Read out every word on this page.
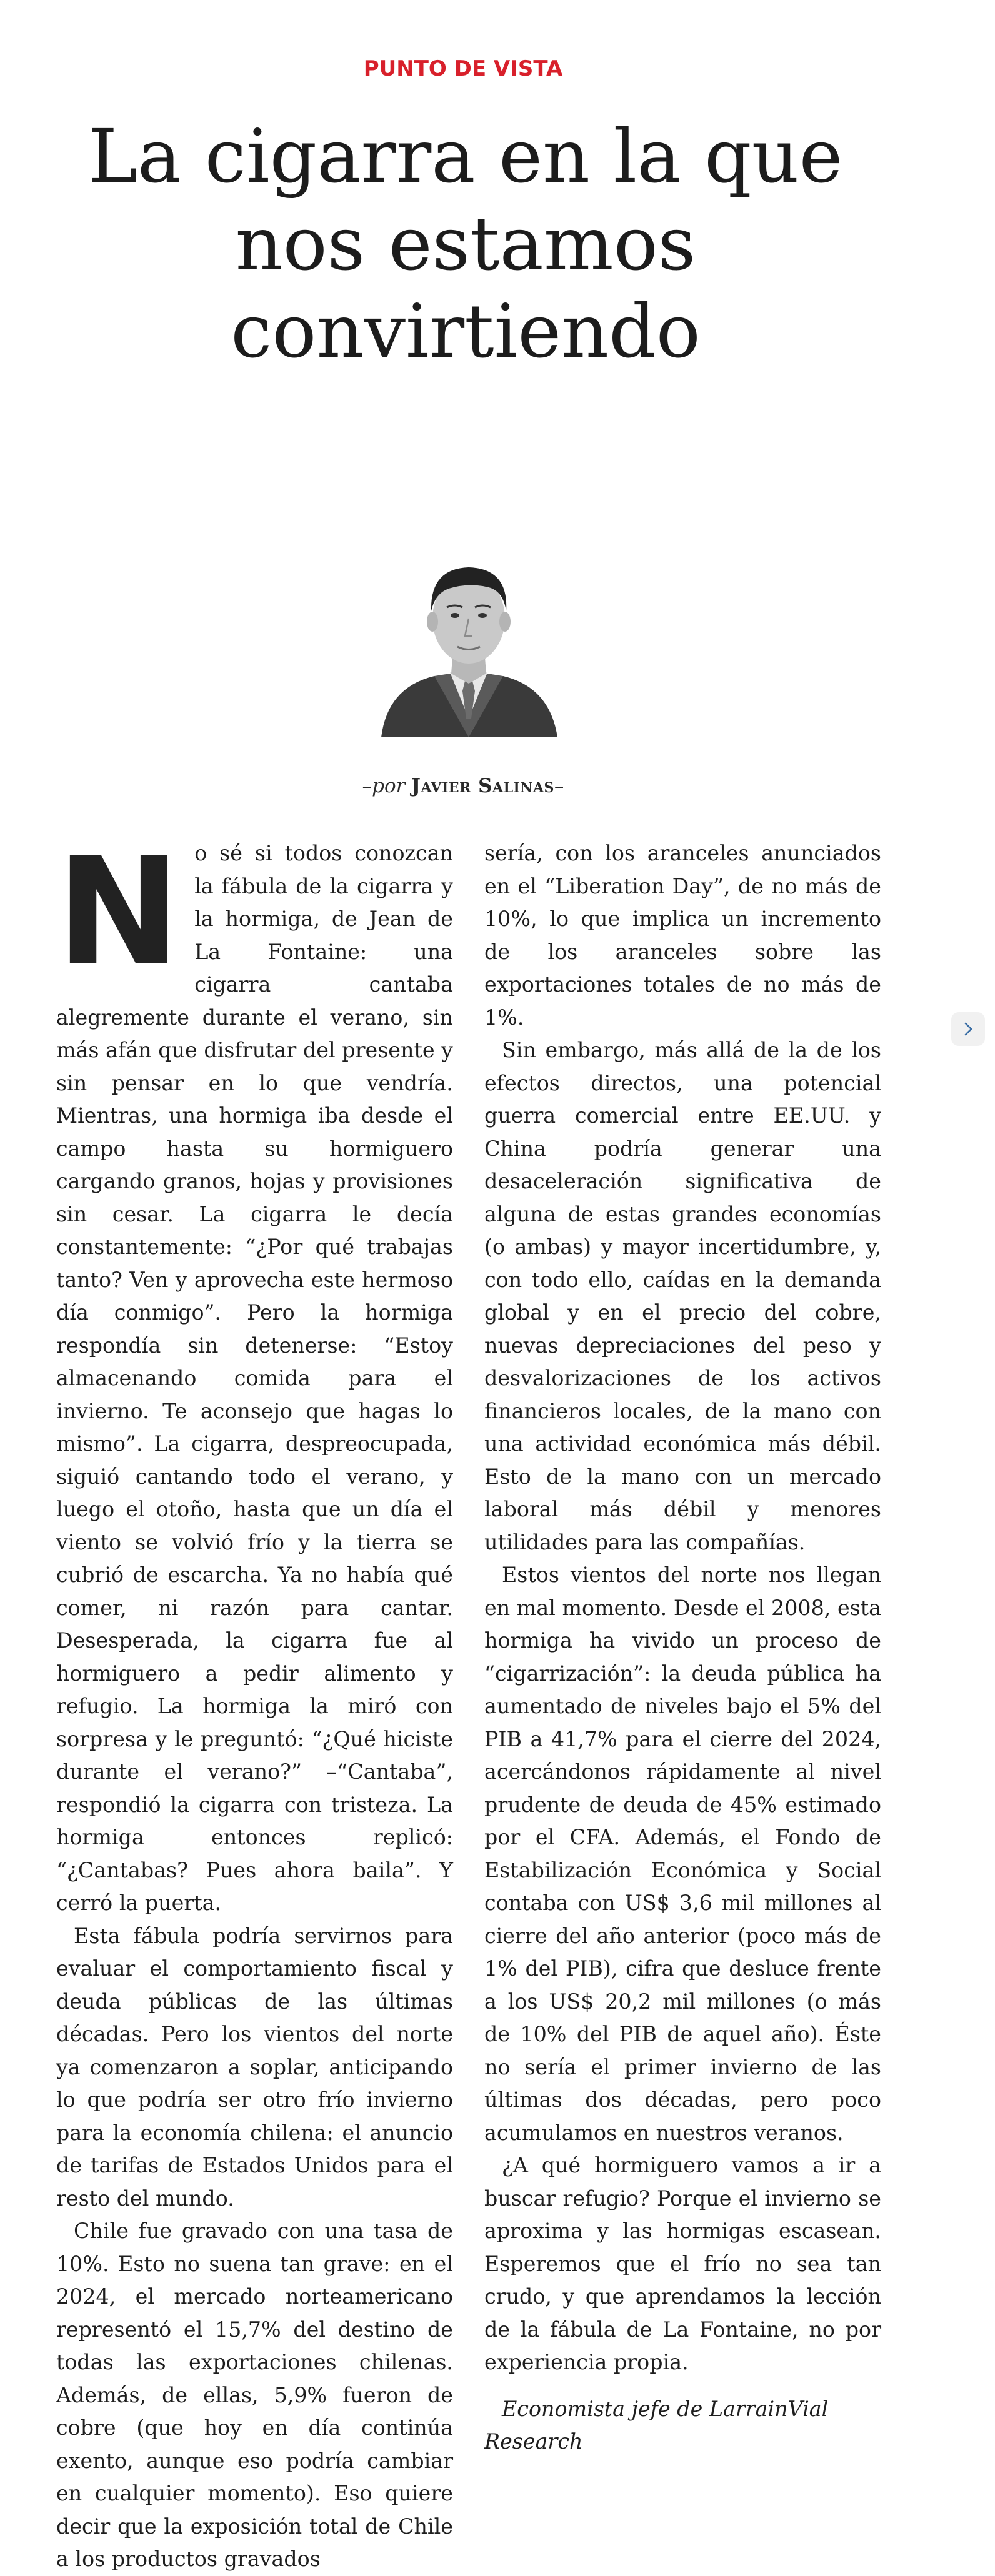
PUNTO DE VISTA
La cigarra en la que nos estamos convirtiendo
–por Javier Salinas–

No sé si todos conozcan la fábula de la cigarra y la hormiga, de Jean de La Fontaine: una cigarra cantaba alegremente durante el verano, sin más afán que disfrutar del presente y sin pensar en lo que vendría. Mientras, una hormiga iba desde el campo hasta su hormiguero cargando granos, hojas y provisiones sin cesar. La cigarra le decía constantemente: “¿Por qué trabajas tanto? Ven y aprovecha este hermoso día conmigo”. Pero la hormiga respondía sin detenerse: “Estoy almacenando comida para el invierno. Te aconsejo que hagas lo mismo”. La cigarra, despreocupada, siguió cantando todo el verano, y luego el otoño, hasta que un día el viento se volvió frío y la tierra se cubrió de escarcha. Ya no había qué comer, ni razón para cantar. Desesperada, la cigarra fue al hormiguero a pedir alimento y refugio. La hormiga la miró con sorpresa y le preguntó: “¿Qué hiciste durante el verano?” –“Cantaba”, respondió la cigarra con tristeza. La hormiga entonces replicó: “¿Cantabas? Pues ahora baila”. Y cerró la puerta.

Esta fábula podría servirnos para evaluar el comportamiento fiscal y deuda públicas de las últimas décadas. Pero los vientos del norte ya comenzaron a soplar, anticipando lo que podría ser otro frío invierno para la economía chilena: el anuncio de tarifas de Estados Unidos para el resto del mundo.

Chile fue gravado con una tasa de 10%. Esto no suena tan grave: en el 2024, el mercado norteamericano representó el 15,7% del destino de todas las exportaciones chilenas. Además, de ellas, 5,9% fueron de cobre (que hoy en día continúa exento, aunque eso podría cambiar en cualquier momento). Eso quiere decir que la exposición total de Chile a los productos gravados

sería, con los aranceles anunciados en el “Liberation Day”, de no más de 10%, lo que implica un incremento de los aranceles sobre las exportaciones totales de no más de 1%.

Sin embargo, más allá de la de los efectos directos, una potencial guerra comercial entre EE.UU. y China podría generar una desaceleración significativa de alguna de estas grandes economías (o ambas) y mayor incertidumbre, y, con todo ello, caídas en la demanda global y en el precio del cobre, nuevas depreciaciones del peso y desvalorizaciones de los activos financieros locales, de la mano con una actividad económica más débil. Esto de la mano con un mercado laboral más débil y menores utilidades para las compañías.

Estos vientos del norte nos llegan en mal momento. Desde el 2008, esta hormiga ha vivido un proceso de “cigarrización”: la deuda pública ha aumentado de niveles bajo el 5% del PIB a 41,7% para el cierre del 2024, acercándonos rápidamente al nivel prudente de deuda de 45% estimado por el CFA. Además, el Fondo de Estabilización Económica y Social contaba con US$ 3,6 mil millones al cierre del año anterior (poco más de 1% del PIB), cifra que desluce frente a los US$ 20,2 mil millones (o más de 10% del PIB de aquel año). Éste no sería el primer invierno de las últimas dos décadas, pero poco acumulamos en nuestros veranos.

¿A qué hormiguero vamos a ir a buscar refugio? Porque el invierno se aproxima y las hormigas escasean. Esperemos que el frío no sea tan crudo, y que aprendamos la lección de la fábula de La Fontaine, no por experiencia propia.

Economista jefe de LarrainVial Research
